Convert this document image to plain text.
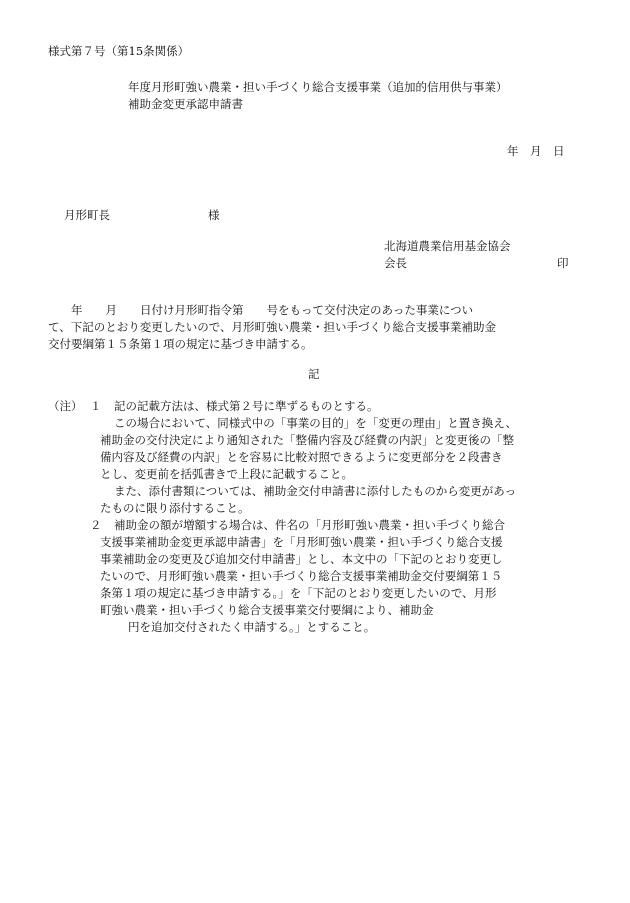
様式第７号（第15条関係）
年度月形町強い農業・担い手づくり総合支援事業（追加的信用供与事業）
補助金変更承認申請書
年　月　日
月形町長	様
北海道農業信用基金協会
会長	印
　　年　　月　　日付け月形町指令第　　号をもって交付決定のあった事業につい
て、下記のとおり変更したいので、月形町強い農業・担い手づくり総合支援事業補助金
交付要綱第１５条第１項の規定に基づき申請する。
記
（注） １ 記の記載方法は、様式第２号に準ずるものとする。
この場合において、同様式中の「事業の目的」を「変更の理由」と置き換え、
補助金の交付決定により通知された「整備内容及び経費の内訳」と変更後の「整
備内容及び経費の内訳」とを容易に比較対照できるように変更部分を２段書き
とし、変更前を括弧書きで上段に記載すること。
また、添付書類については、補助金交付申請書に添付したものから変更があっ
たものに限り添付すること。
２ 補助金の額が増額する場合は、件名の「月形町強い農業・担い手づくり総合
支援事業補助金変更承認申請書」を「月形町強い農業・担い手づくり総合支援
事業補助金の変更及び追加交付申請書」とし、本文中の「下記のとおり変更し
たいので、月形町強い農業・担い手づくり総合支援事業補助金交付要綱第１５
条第１項の規定に基づき申請する。」を「下記のとおり変更したいので、月形
町強い農業・担い手づくり総合支援事業交付要綱により、補助金
円を追加交付されたく申請する。」とすること。
